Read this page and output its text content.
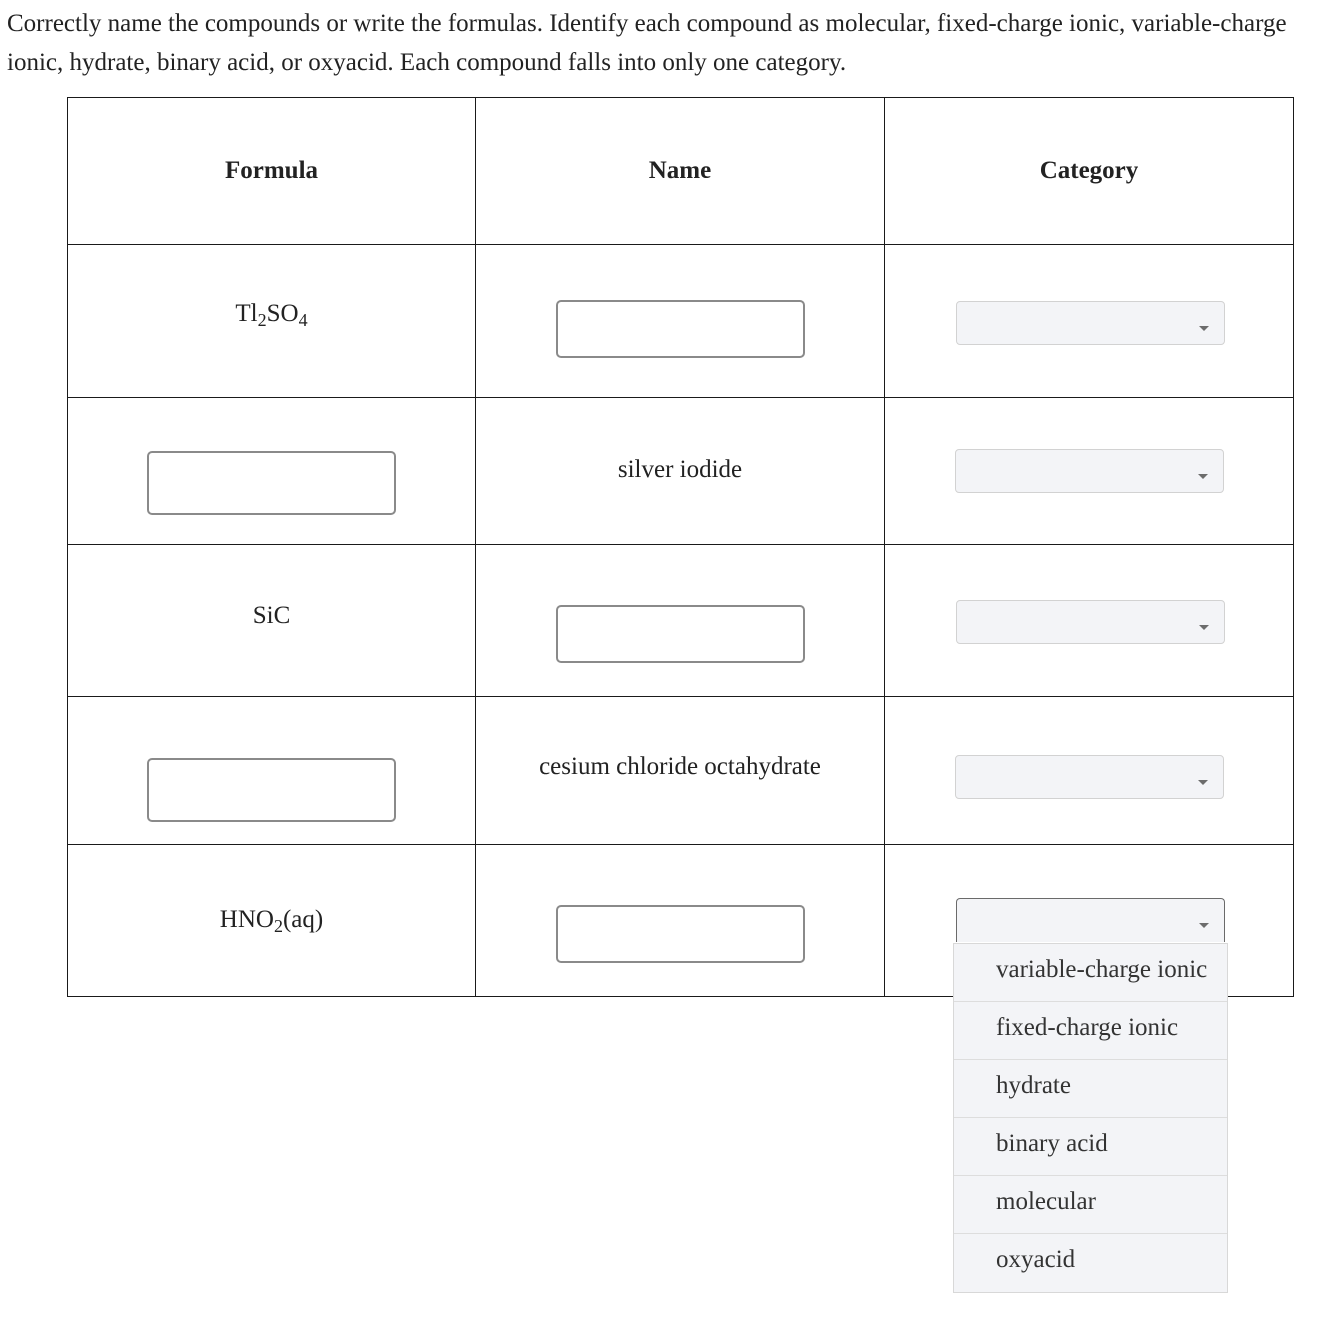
Correctly name the compounds or write the formulas. Identify each compound as molecular, fixed-charge ionic, variable-charge ionic, hydrate, binary acid, or oxyacid. Each compound falls into only one category.

Formula	Name	Category
$Tl_2SO_4$	

	silver iodide	

SiC	

	cesium chloride octahydrate	

$HNO_2(aq)$	

variable-charge ionic
fixed-charge ionic
hydrate
binary acid
molecular
oxyacid
